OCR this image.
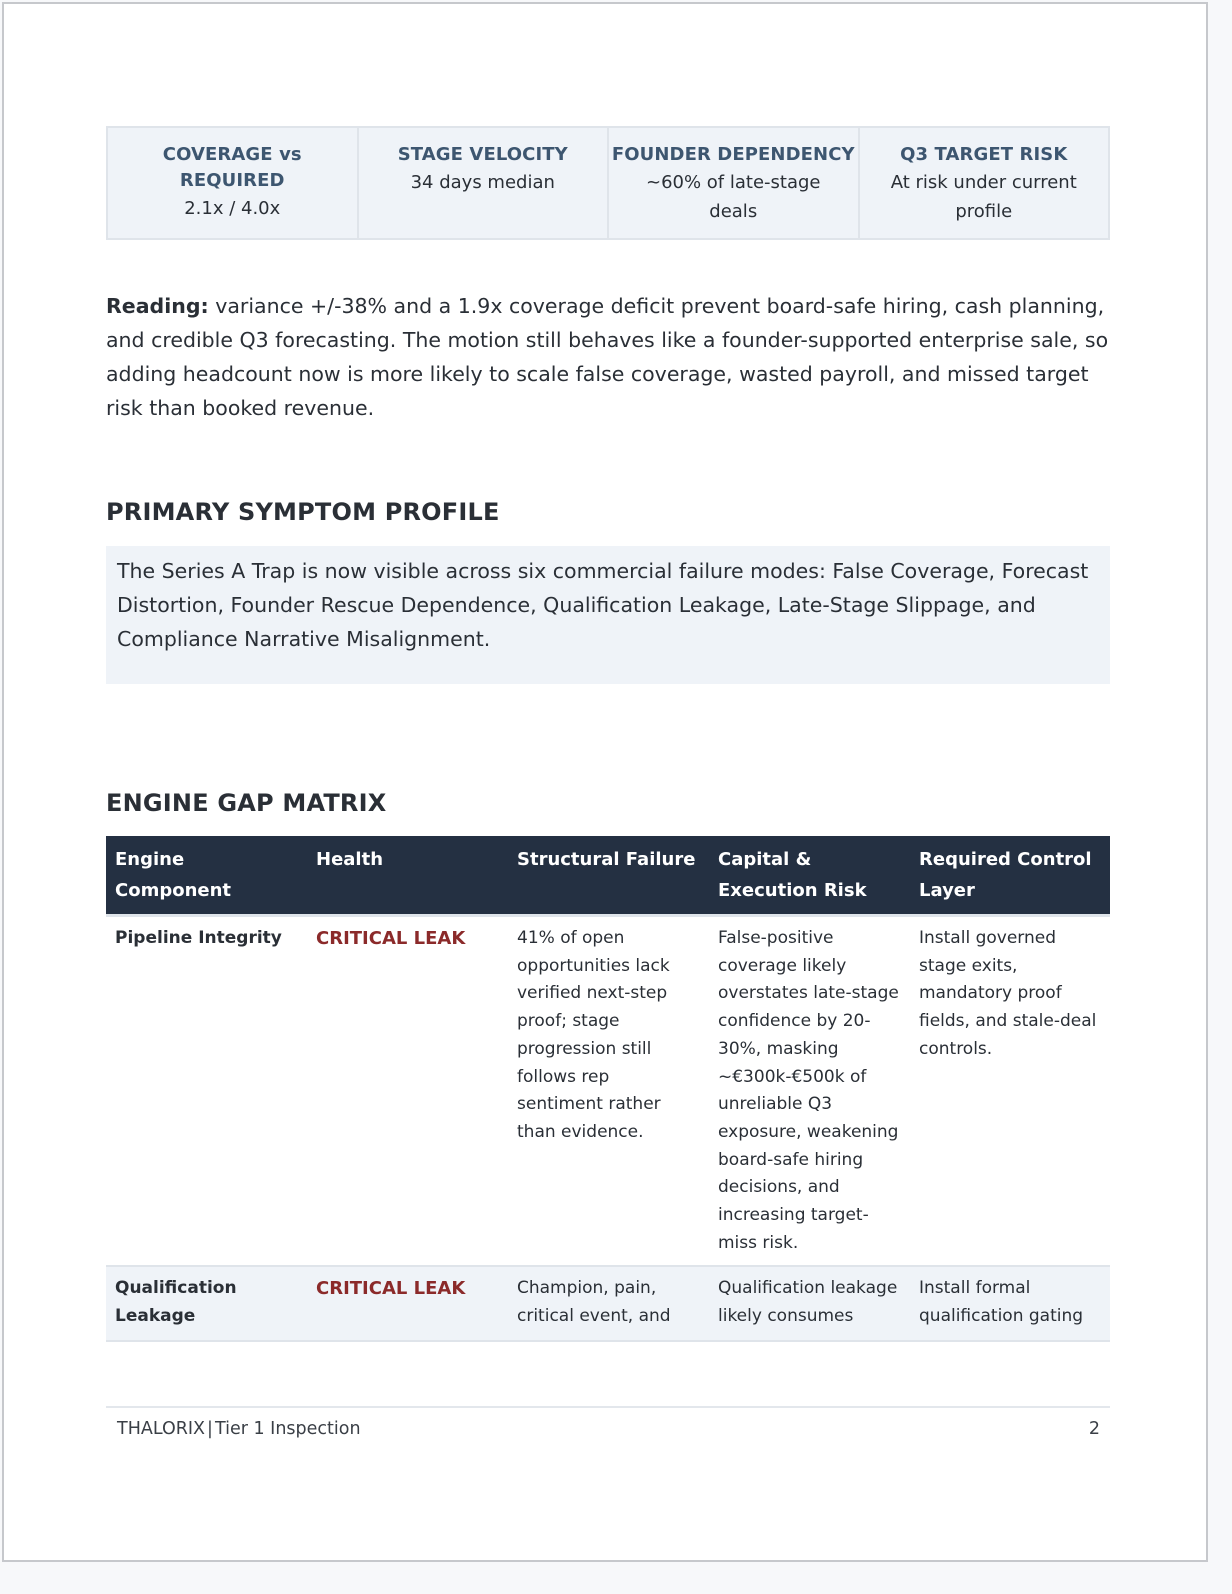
COVERAGE vs REQUIRED
2.1x / 4.0x
STAGE VELOCITY
34 days median
FOUNDER DEPENDENCY
~60% of late-stage deals
Q3 TARGET RISK
At risk under current profile

Reading: variance +/-38% and a 1.9x coverage deficit prevent board-safe hiring, cash planning, and credible Q3 forecasting. The motion still behaves like a founder-supported enterprise sale, so adding headcount now is more likely to scale false coverage, wasted payroll, and missed target risk than booked revenue.

PRIMARY SYMPTOM PROFILE
The Series A Trap is now visible across six commercial failure modes: False Coverage, Forecast Distortion, Founder Rescue Dependence, Qualification Leakage, Late-Stage Slippage, and Compliance Narrative Misalignment.
ENGINE GAP MATRIX
Engine Component	Health	Structural Failure	Capital & Execution Risk	Required Control Layer
Pipeline Integrity	CRITICAL LEAK	41% of open opportunities lack verified next-step proof; stage progression still follows rep sentiment rather than evidence.	False-positive coverage likely overstates late-stage confidence by 20-30%, masking ~€300k-€500k of unreliable Q3 exposure, weakening board-safe hiring decisions, and increasing target-miss risk.	Install governed stage exits, mandatory proof fields, and stale-deal controls.

Qualification Leakage	CRITICAL LEAK	Champion, pain, critical event, and	Qualification leakage likely consumes	Install formal qualification gating
THALORIX | Tier 1 Inspection	2
